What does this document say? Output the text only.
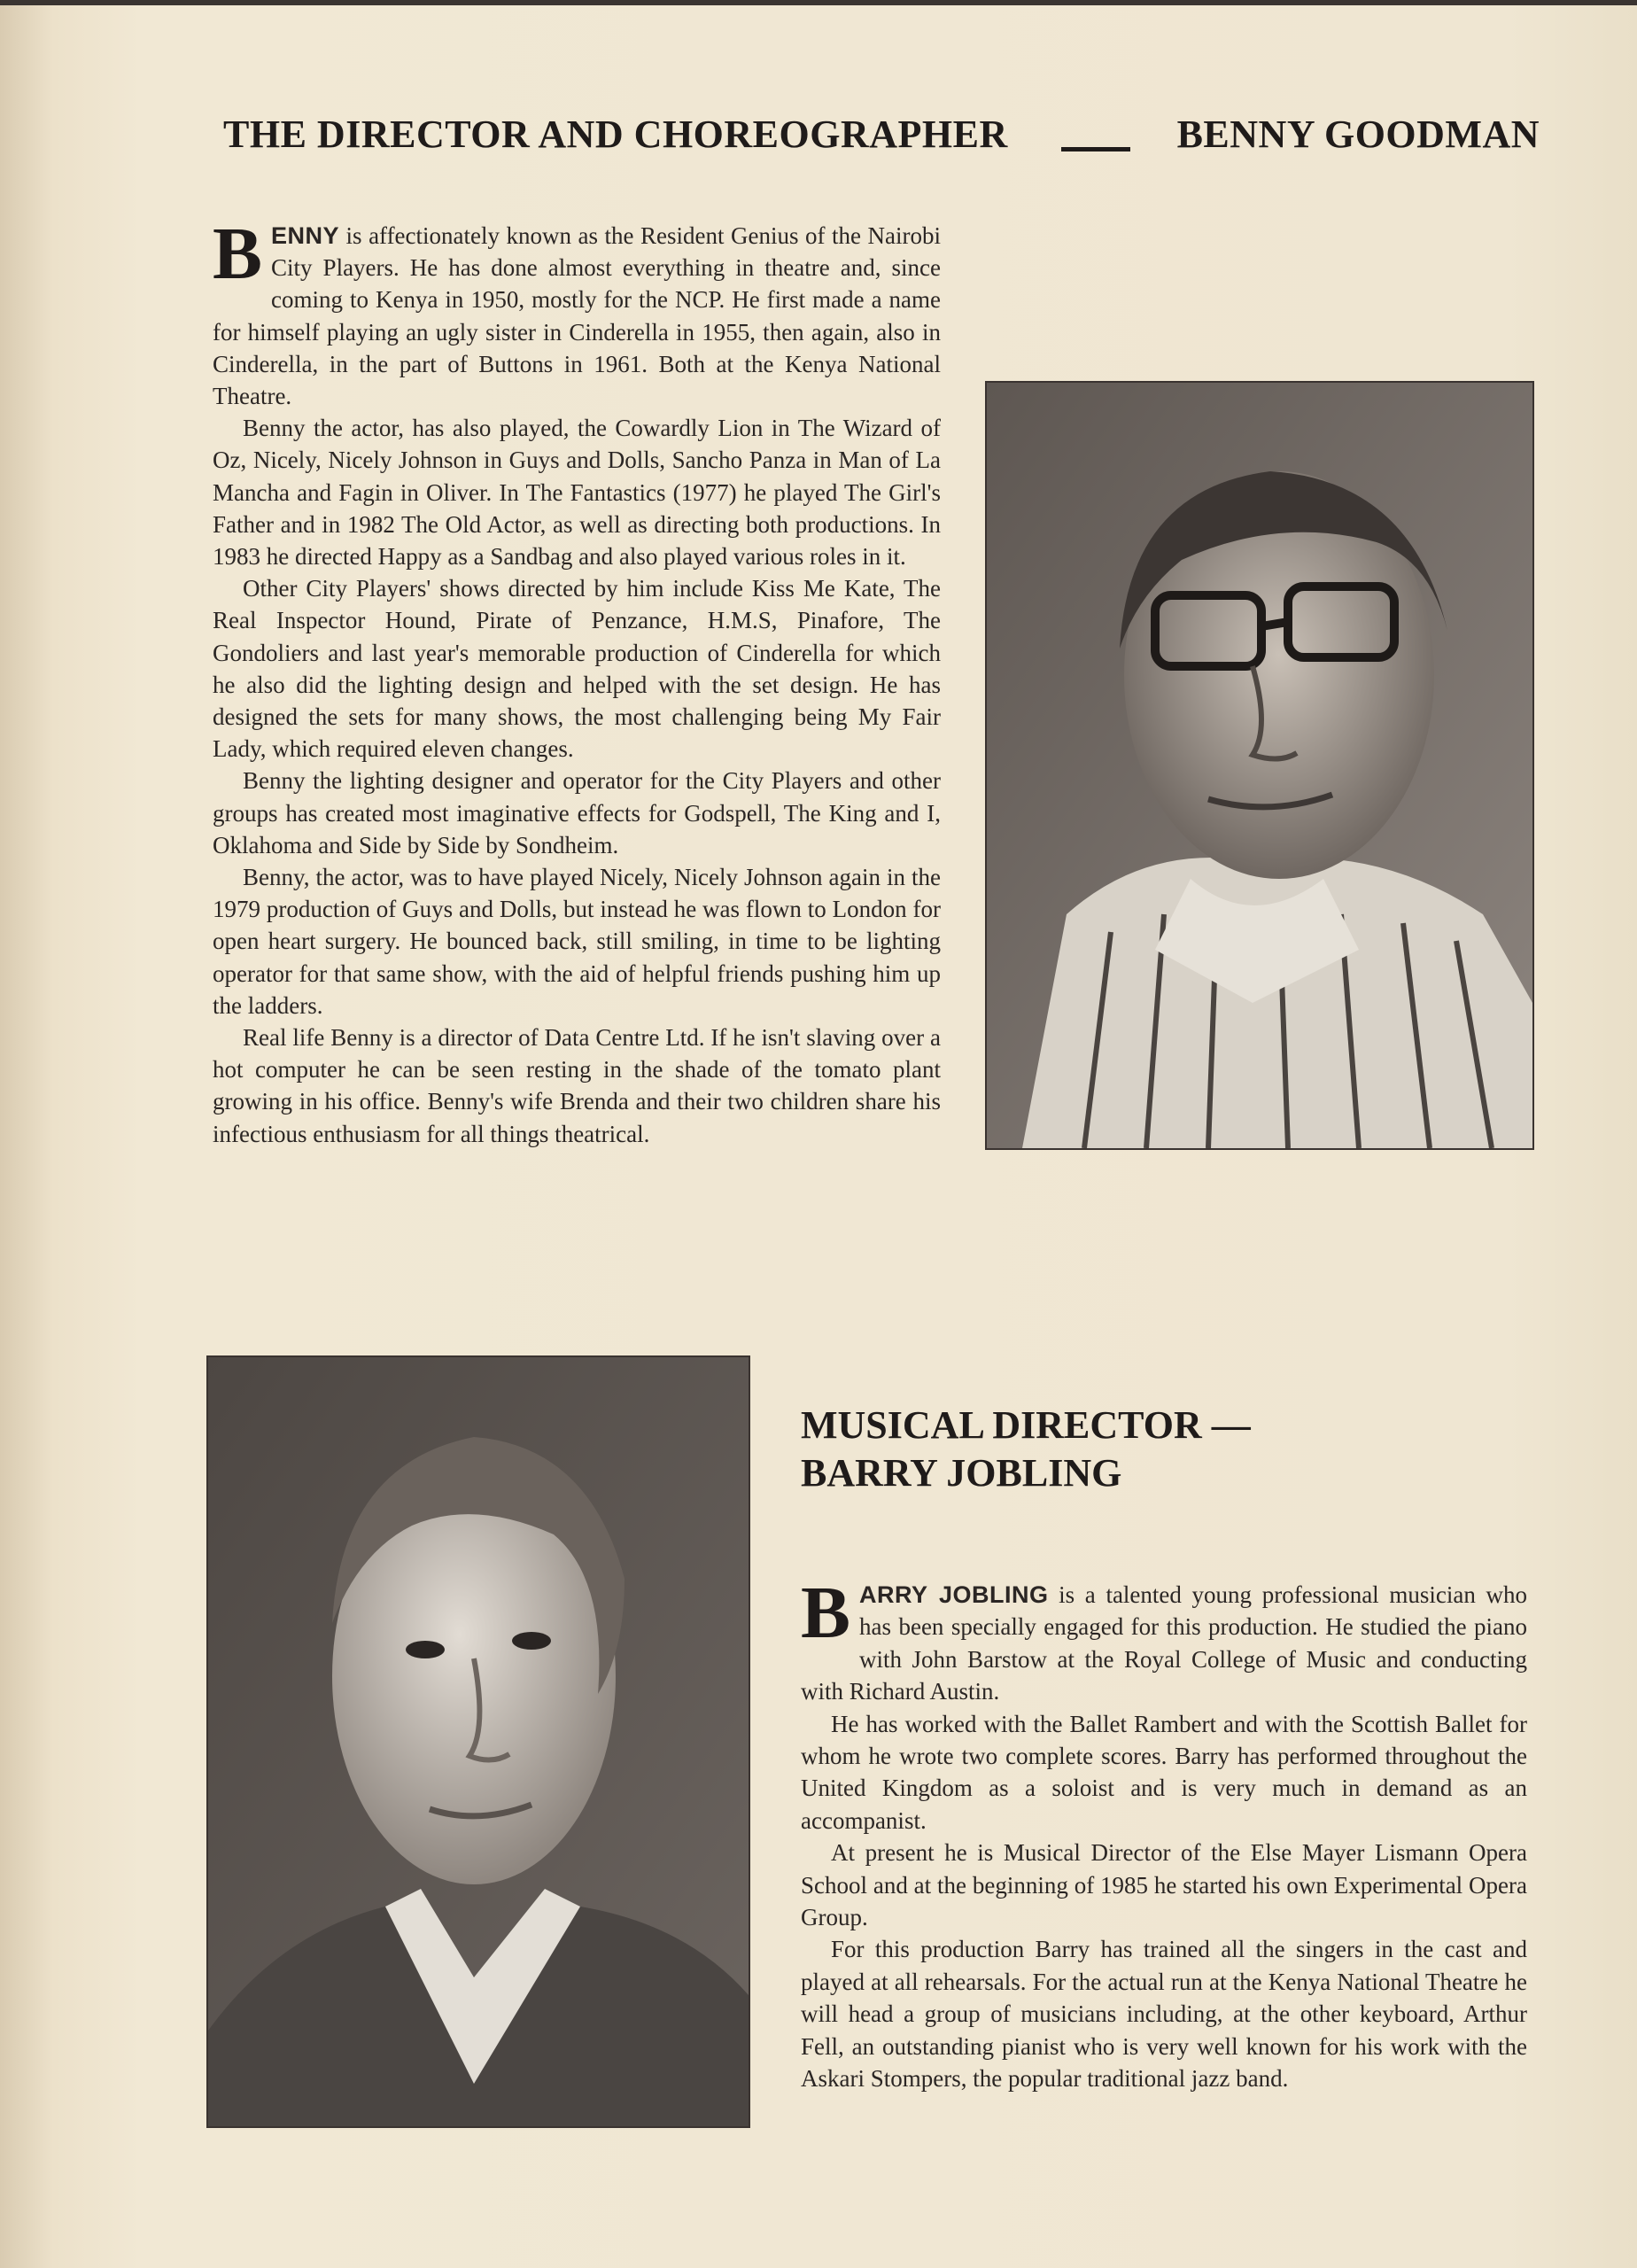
THE DIRECTOR AND CHOREOGRAPHER	BENNY GOODMAN

BENNY is affectionately known as the Resident Genius of the Nairobi City Players. He has done almost everything in theatre and, since coming to Kenya in 1950, mostly for the NCP. He first made a name for himself playing an ugly sister in Cinderella in 1955, then again, also in Cinderella, in the part of Buttons in 1961. Both at the Kenya National Theatre.

Benny the actor, has also played, the Cowardly Lion in The Wizard of Oz, Nicely, Nicely Johnson in Guys and Dolls, Sancho Panza in Man of La Mancha and Fagin in Oliver. In The Fantastics (1977) he played The Girl's Father and in 1982 The Old Actor, as well as directing both productions. In 1983 he directed Happy as a Sandbag and also played various roles in it.

Other City Players' shows directed by him include Kiss Me Kate, The Real Inspector Hound, Pirate of Penzance, H.M.S, Pinafore, The Gondoliers and last year's memorable production of Cinderella for which he also did the lighting design and helped with the set design. He has designed the sets for many shows, the most challenging being My Fair Lady, which required eleven changes.

Benny the lighting designer and operator for the City Players and other groups has created most imaginative effects for Godspell, The King and I, Oklahoma and Side by Side by Sondheim.

Benny, the actor, was to have played Nicely, Nicely Johnson again in the 1979 production of Guys and Dolls, but instead he was flown to London for open heart surgery. He bounced back, still smiling, in time to be lighting operator for that same show, with the aid of helpful friends pushing him up the ladders.

Real life Benny is a director of Data Centre Ltd. If he isn't slaving over a hot computer he can be seen resting in the shade of the tomato plant growing in his office. Benny's wife Brenda and their two children share his infectious enthusiasm for all things theatrical.

MUSICAL DIRECTOR —
BARRY JOBLING

BARRY JOBLING is a talented young professional musician who has been specially engaged for this production. He studied the piano with John Barstow at the Royal College of Music and conducting with Richard Austin.

He has worked with the Ballet Rambert and with the Scottish Ballet for whom he wrote two complete scores. Barry has performed throughout the United Kingdom as a soloist and is very much in demand as an accompanist.

At present he is Musical Director of the Else Mayer Lismann Opera School and at the beginning of 1985 he started his own Experimental Opera Group.

For this production Barry has trained all the singers in the cast and played at all rehearsals. For the actual run at the Kenya National Theatre he will head a group of musicians including, at the other keyboard, Arthur Fell, an outstanding pianist who is very well known for his work with the Askari Stompers, the popular traditional jazz band.
